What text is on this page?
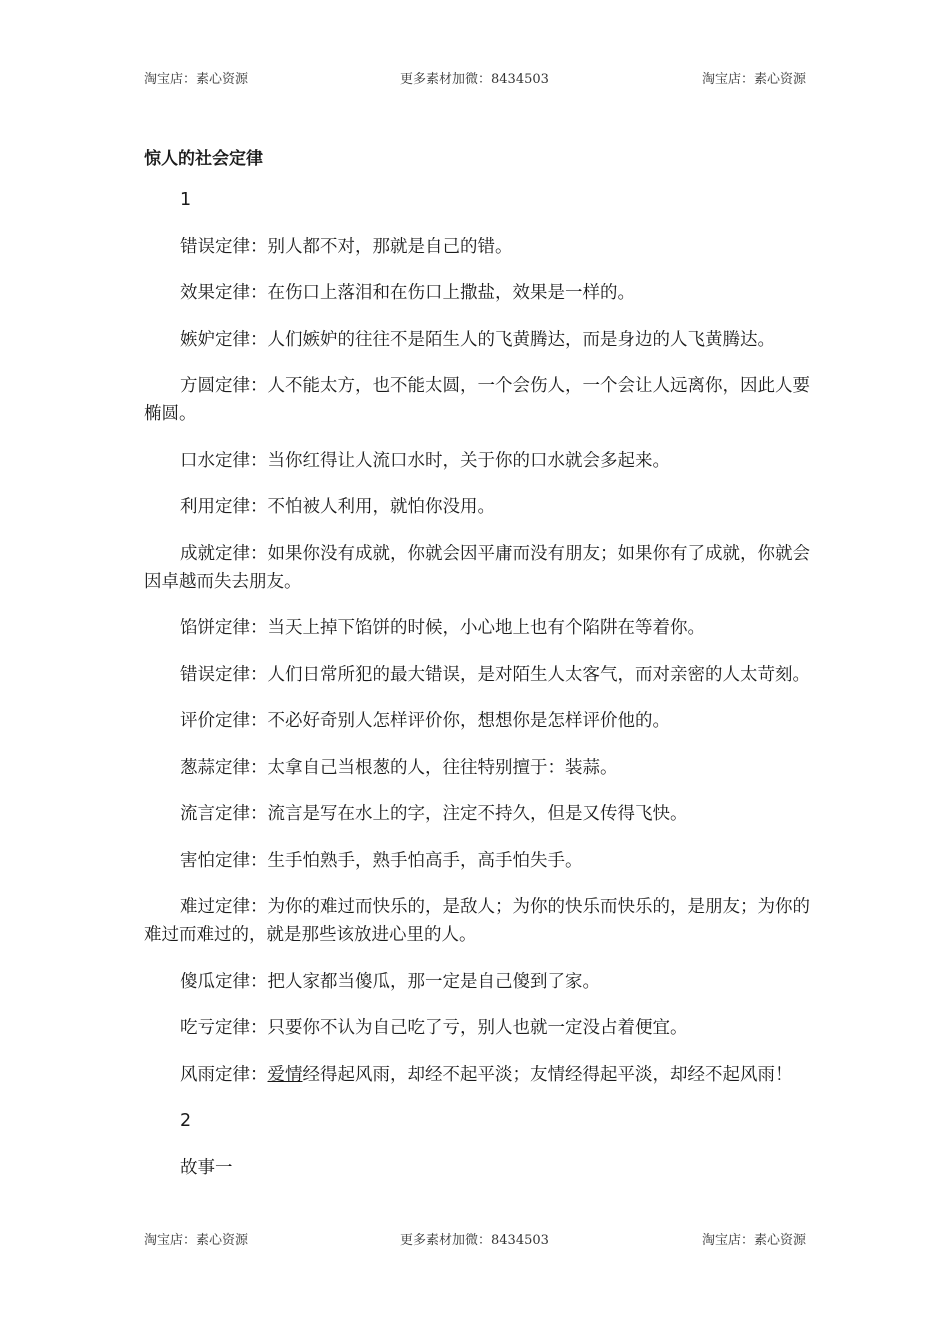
淘宝店：素心资源	更多素材加微：8434503	淘宝店：素心资源
惊人的社会定律

1

错误定律：别人都不对，那就是自己的错。

效果定律：在伤口上落泪和在伤口上撒盐，效果是一样的。

嫉妒定律：人们嫉妒的往往不是陌生人的飞黄腾达，而是身边的人飞黄腾达。

方圆定律：人不能太方，也不能太圆，一个会伤人，一个会让人远离你，因此人要椭圆。

口水定律：当你红得让人流口水时，关于你的口水就会多起来。

利用定律：不怕被人利用，就怕你没用。

成就定律：如果你没有成就，你就会因平庸而没有朋友；如果你有了成就，你就会因卓越而失去朋友。

馅饼定律：当天上掉下馅饼的时候，小心地上也有个陷阱在等着你。

错误定律：人们日常所犯的最大错误，是对陌生人太客气，而对亲密的人太苛刻。

评价定律：不必好奇别人怎样评价你，想想你是怎样评价他的。

葱蒜定律：太拿自己当根葱的人，往往特别擅于：装蒜。

流言定律：流言是写在水上的字，注定不持久，但是又传得飞快。

害怕定律：生手怕熟手，熟手怕高手，高手怕失手。

难过定律：为你的难过而快乐的，是敌人；为你的快乐而快乐的，是朋友；为你的难过而难过的，就是那些该放进心里的人。

傻瓜定律：把人家都当傻瓜，那一定是自己傻到了家。

吃亏定律：只要你不认为自己吃了亏，别人也就一定没占着便宜。

风雨定律：爱情经得起风雨，却经不起平淡；友情经得起平淡，却经不起风雨！

2

故事一

淘宝店：素心资源	更多素材加微：8434503	淘宝店：素心资源
